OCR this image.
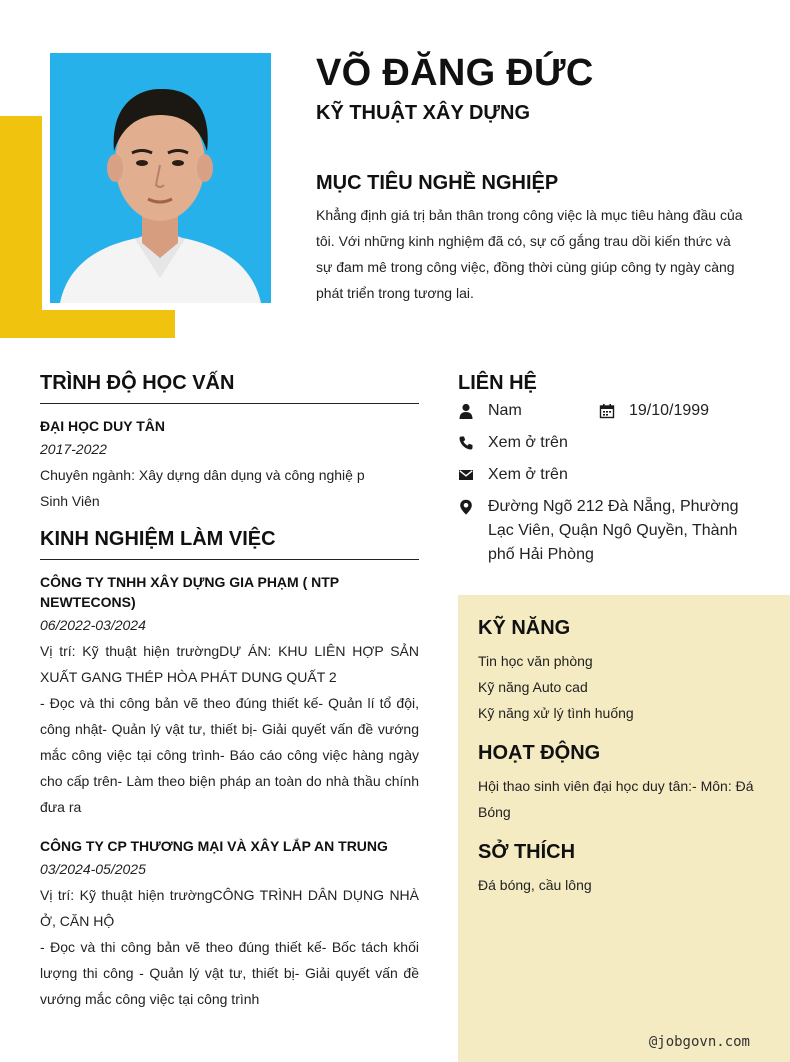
VÕ ĐĂNG ĐỨC
KỸ THUẬT XÂY DỰNG
MỤC TIÊU NGHỀ NGHIỆP

Khẳng định giá trị bản thân trong công việc là mục tiêu hàng đầu của tôi. Với những kinh nghiệm đã có, sự cố gắng trau dồi kiến thức và sự đam mê trong công việc, đồng thời cùng giúp công ty ngày càng phát triển trong tương lai.

TRÌNH ĐỘ HỌC VẤN
ĐẠI HỌC DUY TÂN
2017-2022
Chuyên ngành: Xây dựng dân dụng và công nghiệ p
Sinh Viên
KINH NGHIỆM LÀM VIỆC
CÔNG TY TNHH XÂY DỰNG GIA PHẠM ( NTP NEWTECONS)
06/2022-03/2024
Vị trí: Kỹ thuật hiện trườngDỰ ÁN: KHU LIÊN HỢP SẢN XUẤT GANG THÉP HÒA PHÁT DUNG QUẤT 2
- Đọc và thi công bản vẽ theo đúng thiết kế- Quản lí tổ đội, công nhật- Quản lý vật tư, thiết bị- Giải quyết vấn đề vướng mắc công việc tại công trình- Báo cáo công việc hàng ngày cho cấp trên- Làm theo biện pháp an toàn do nhà thầu chính đưa ra
CÔNG TY CP THƯƠNG MẠI VÀ XÂY LẮP AN TRUNG
03/2024-05/2025
Vị trí: Kỹ thuật hiện trườngCÔNG TRÌNH DÂN DỤNG NHÀ Ở, CĂN HỘ
- Đọc và thi công bản vẽ theo đúng thiết kế- Bốc tách khối lượng thi công - Quản lý vật tư, thiết bị- Giải quyết vấn đề vướng mắc công việc tại công trình
LIÊN HỆ
Nam	19/10/1999
Xem ở trên
Xem ở trên
Đường Ngõ 212 Đà Nẵng, Phường Lạc Viên, Quận Ngô Quyền, Thành phố Hải Phòng
KỸ NĂNG
Tin học văn phòng
Kỹ năng Auto cad
Kỹ năng xử lý tình huống
HOẠT ĐỘNG
Hội thao sinh viên đại học duy tân:- Môn: Đá Bóng
SỞ THÍCH
Đá bóng, cầu lông
@jobgovn.com
